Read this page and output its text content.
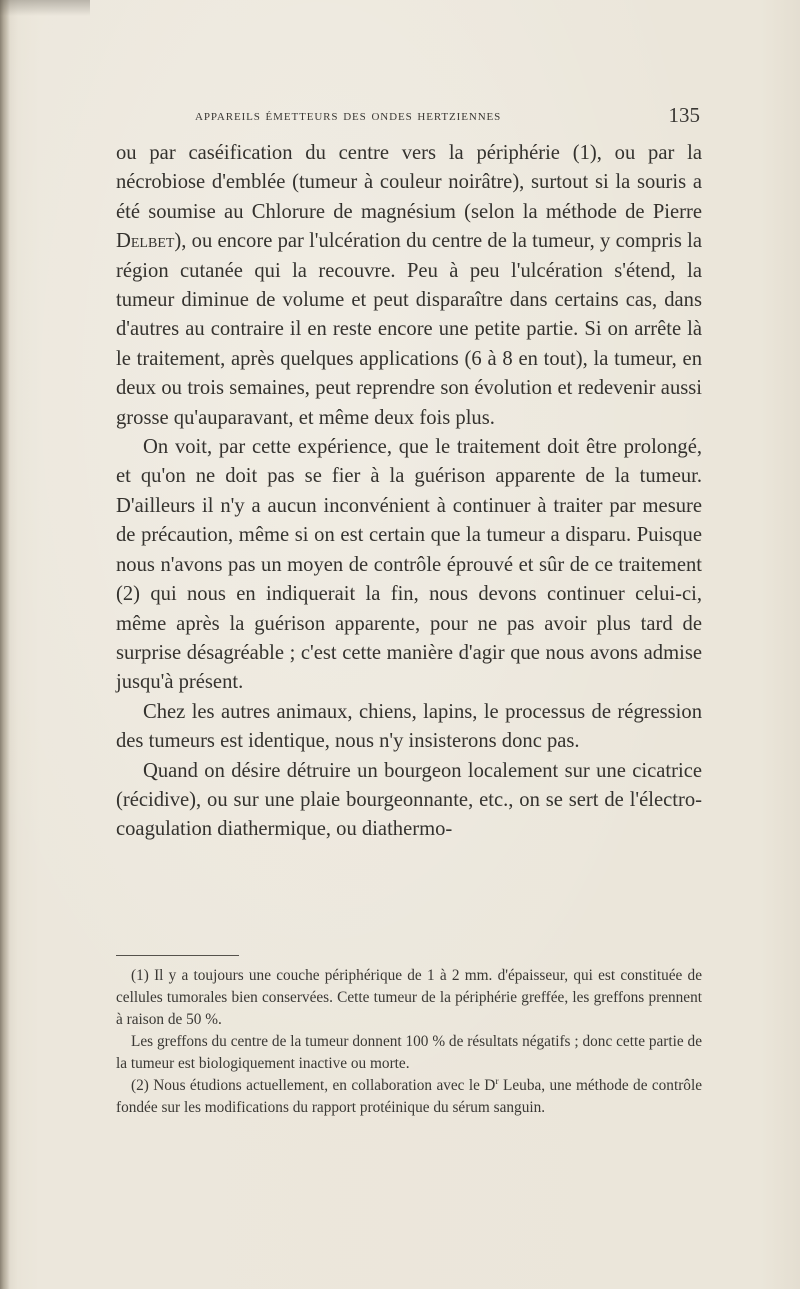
appareils émetteurs des ondes hertziennes	135

ou par caséification du centre vers la périphérie (1), ou par la nécrobiose d'emblée (tumeur à couleur noirâtre), surtout si la souris a été soumise au Chlorure de magnésium (selon la méthode de Pierre Delbet), ou encore par l'ulcération du centre de la tumeur, y compris la région cutanée qui la recouvre. Peu à peu l'ulcération s'étend, la tumeur diminue de volume et peut disparaître dans certains cas, dans d'autres au contraire il en reste encore une petite partie. Si on arrête là le traitement, après quelques applications (6 à 8 en tout), la tumeur, en deux ou trois semaines, peut reprendre son évolution et redevenir aussi grosse qu'auparavant, et même deux fois plus.

On voit, par cette expérience, que le traitement doit être prolongé, et qu'on ne doit pas se fier à la guérison apparente de la tumeur. D'ailleurs il n'y a aucun inconvénient à continuer à traiter par mesure de précaution, même si on est certain que la tumeur a disparu. Puisque nous n'avons pas un moyen de contrôle éprouvé et sûr de ce traitement (2) qui nous en indiquerait la fin, nous devons continuer celui-ci, même après la guérison apparente, pour ne pas avoir plus tard de surprise désagréable ; c'est cette manière d'agir que nous avons admise jusqu'à présent.

Chez les autres animaux, chiens, lapins, le processus de régression des tumeurs est identique, nous n'y insisterons donc pas.

Quand on désire détruire un bourgeon localement sur une cicatrice (récidive), ou sur une plaie bourgeonnante, etc., on se sert de l'électro-coagulation diathermique, ou diathermo-

(1) Il y a toujours une couche périphérique de 1 à 2 mm. d'épaisseur, qui est constituée de cellules tumorales bien conservées. Cette tumeur de la périphérie greffée, les greffons prennent à raison de 50 %.

Les greffons du centre de la tumeur donnent 100 % de résultats négatifs ; donc cette partie de la tumeur est biologiquement inactive ou morte.

(2) Nous étudions actuellement, en collaboration avec le $D^r$ Leuba, une méthode de contrôle fondée sur les modifications du rapport protéinique du sérum sanguin.
